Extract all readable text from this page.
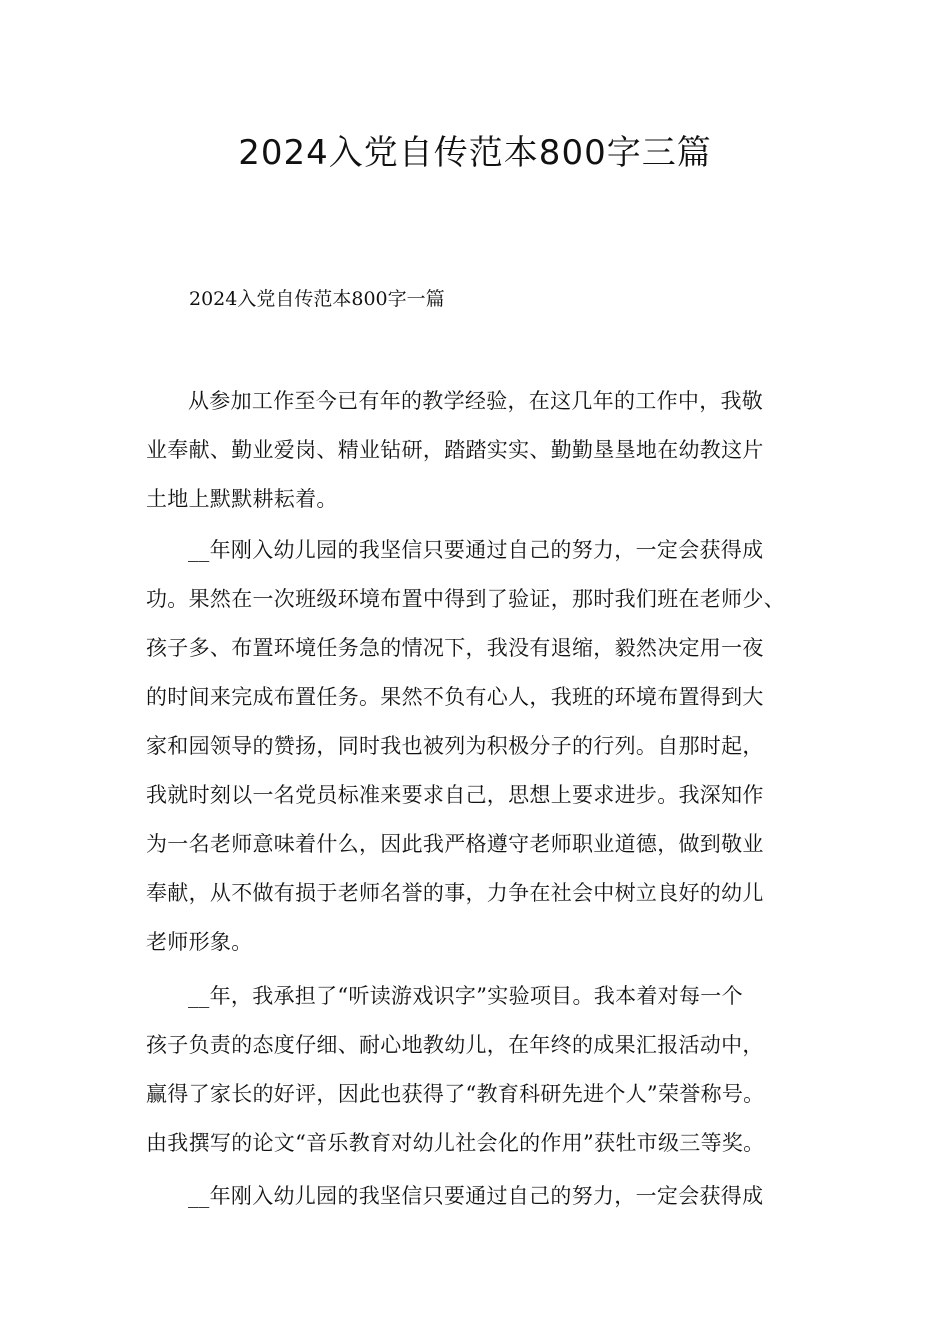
2024入党自传范本800字三篇

2024入党自传范本800字一篇

从参加工作至今已有年的教学经验，在这几年的工作中，我敬
业奉献、勤业爱岗、精业钻研，踏踏实实、勤勤垦垦地在幼教这片
土地上默默耕耘着。
__年刚入幼儿园的我坚信只要通过自己的努力，一定会获得成
功。果然在一次班级环境布置中得到了验证，那时我们班在老师少、
孩子多、布置环境任务急的情况下，我没有退缩，毅然决定用一夜
的时间来完成布置任务。果然不负有心人，我班的环境布置得到大
家和园领导的赞扬，同时我也被列为积极分子的行列。自那时起，
我就时刻以一名党员标准来要求自己，思想上要求进步。我深知作
为一名老师意味着什么，因此我严格遵守老师职业道德，做到敬业
奉献，从不做有损于老师名誉的事，力争在社会中树立良好的幼儿
老师形象。
__年，我承担了“听读游戏识字”实验项目。我本着对每一个
孩子负责的态度仔细、耐心地教幼儿，在年终的成果汇报活动中，
赢得了家长的好评，因此也获得了“教育科研先进个人”荣誉称号。
由我撰写的论文“音乐教育对幼儿社会化的作用”获牡市级三等奖。
__年刚入幼儿园的我坚信只要通过自己的努力，一定会获得成
